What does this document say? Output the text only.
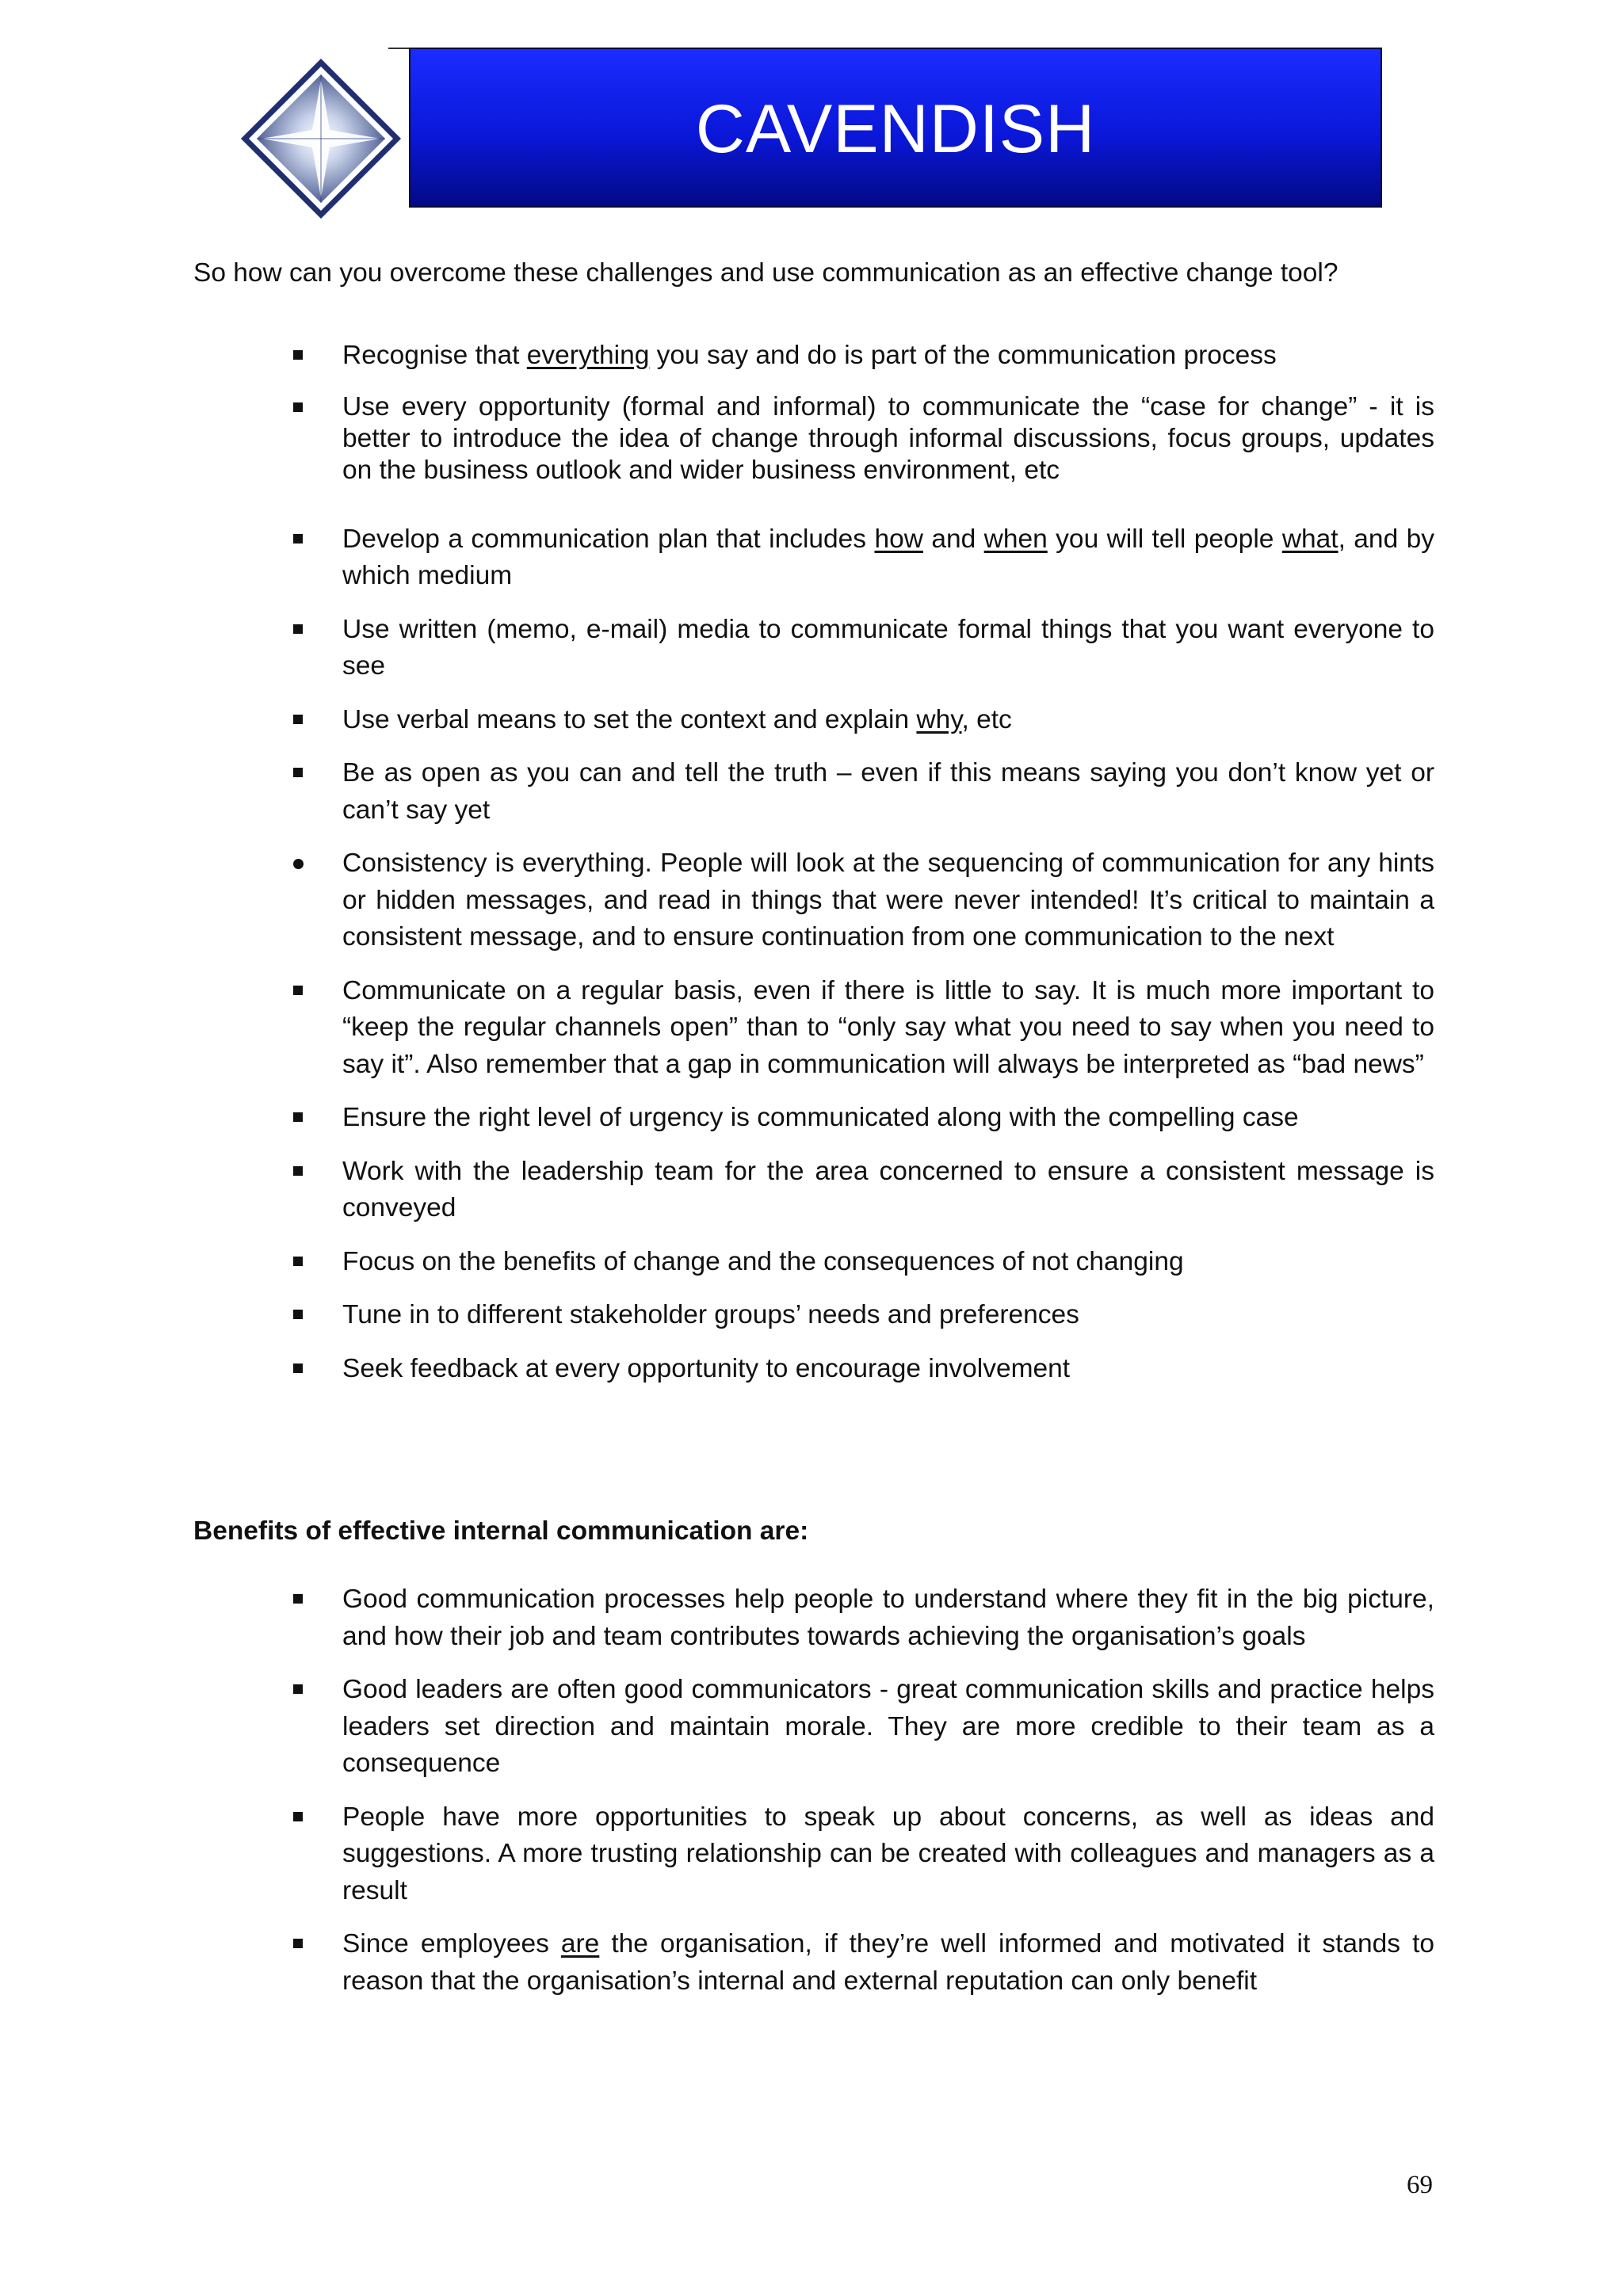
CAVENDISH
So how can you overcome these challenges and use communication as an effective change tool?
Recognise that everything you say and do is part of the communication process
Use every opportunity (formal and informal) to communicate the “case for change” - it is better to introduce the idea of change through informal discussions, focus groups, updates on the business outlook and wider business environment, etc
Develop a communication plan that includes how and when you will tell people what, and by which medium
Use written (memo, e-mail) media to communicate formal things that you want everyone to see
Use verbal means to set the context and explain why, etc
Be as open as you can and tell the truth – even if this means saying you don’t know yet or can’t say yet
Consistency is everything. People will look at the sequencing of communication for any hints or hidden messages, and read in things that were never intended! It’s critical to maintain a consistent message, and to ensure continuation from one communication to the next
Communicate on a regular basis, even if there is little to say. It is much more important to “keep the regular channels open” than to “only say what you need to say when you need to say it”. Also remember that a gap in communication will always be interpreted as “bad news”
Ensure the right level of urgency is communicated along with the compelling case
Work with the leadership team for the area concerned to ensure a consistent message is conveyed
Focus on the benefits of change and the consequences of not changing
Tune in to different stakeholder groups’ needs and preferences
Seek feedback at every opportunity to encourage involvement
Benefits of effective internal communication are:
Good communication processes help people to understand where they fit in the big picture, and how their job and team contributes towards achieving the organisation’s goals
Good leaders are often good communicators - great communication skills and practice helps leaders set direction and maintain morale. They are more credible to their team as a consequence
People have more opportunities to speak up about concerns, as well as ideas and suggestions. A more trusting relationship can be created with colleagues and managers as a result
Since employees are the organisation, if they’re well informed and motivated it stands to reason that the organisation’s internal and external reputation can only benefit
69
